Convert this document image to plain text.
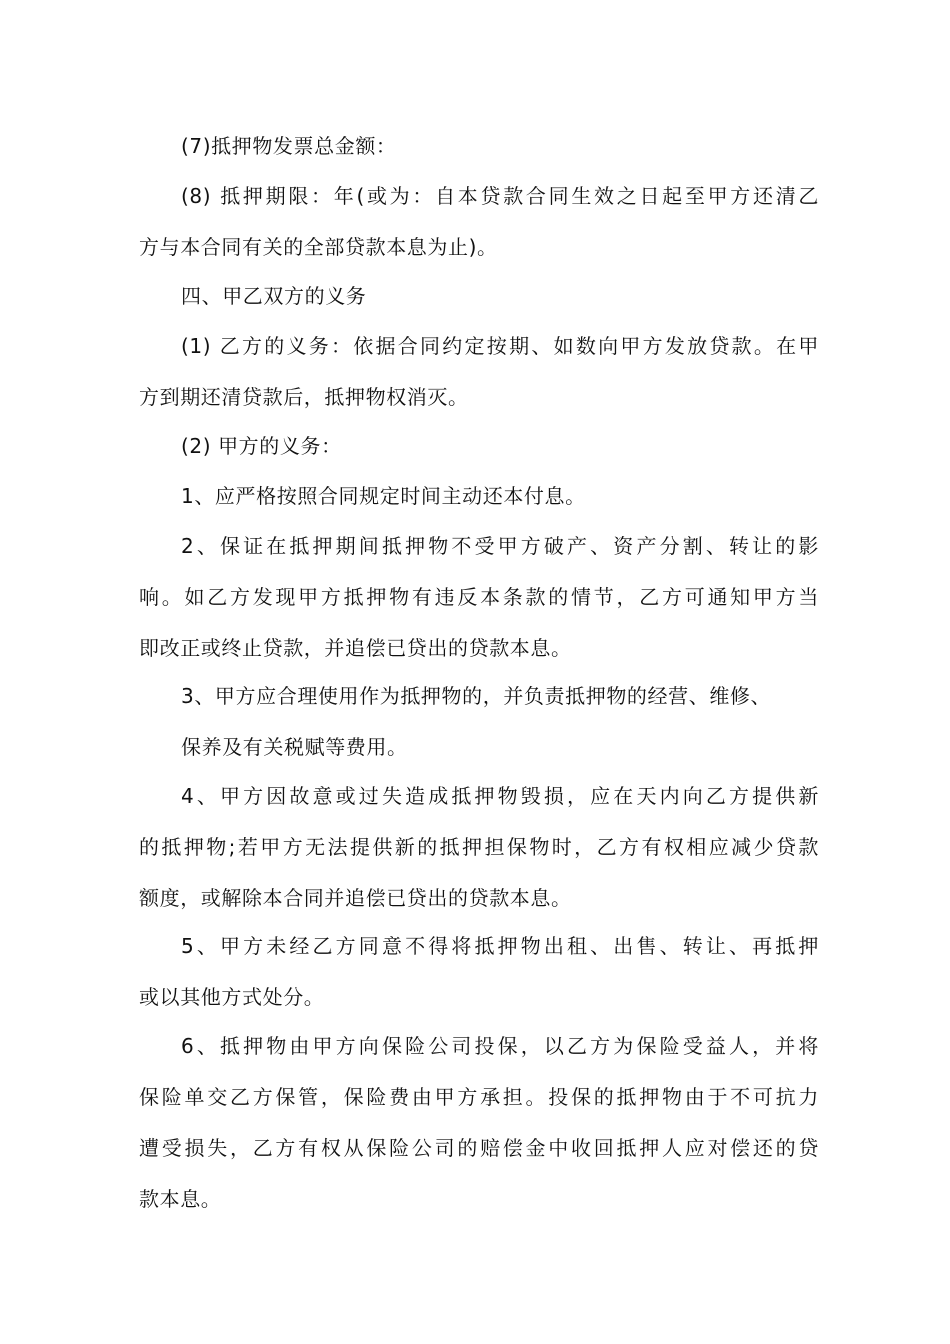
(7)抵押物发票总金额：
(8) 抵押期限：年(或为：自本贷款合同生效之日起至甲方还清乙
方与本合同有关的全部贷款本息为止)。
四、甲乙双方的义务
(1) 乙方的义务：依据合同约定按期、如数向甲方发放贷款。在甲
方到期还清贷款后，抵押物权消灭。
(2) 甲方的义务：
1、应严格按照合同规定时间主动还本付息。
2、保证在抵押期间抵押物不受甲方破产、资产分割、转让的影
响。如乙方发现甲方抵押物有违反本条款的情节，乙方可通知甲方当
即改正或终止贷款，并追偿已贷出的贷款本息。
3、甲方应合理使用作为抵押物的，并负责抵押物的经营、维修、
保养及有关税赋等费用。
4、甲方因故意或过失造成抵押物毁损，应在天内向乙方提供新
的抵押物;若甲方无法提供新的抵押担保物时，乙方有权相应减少贷款
额度，或解除本合同并追偿已贷出的贷款本息。
5、甲方未经乙方同意不得将抵押物出租、出售、转让、再抵押
或以其他方式处分。
6、抵押物由甲方向保险公司投保，以乙方为保险受益人，并将
保险单交乙方保管，保险费由甲方承担。投保的抵押物由于不可抗力
遭受损失，乙方有权从保险公司的赔偿金中收回抵押人应对偿还的贷
款本息。
